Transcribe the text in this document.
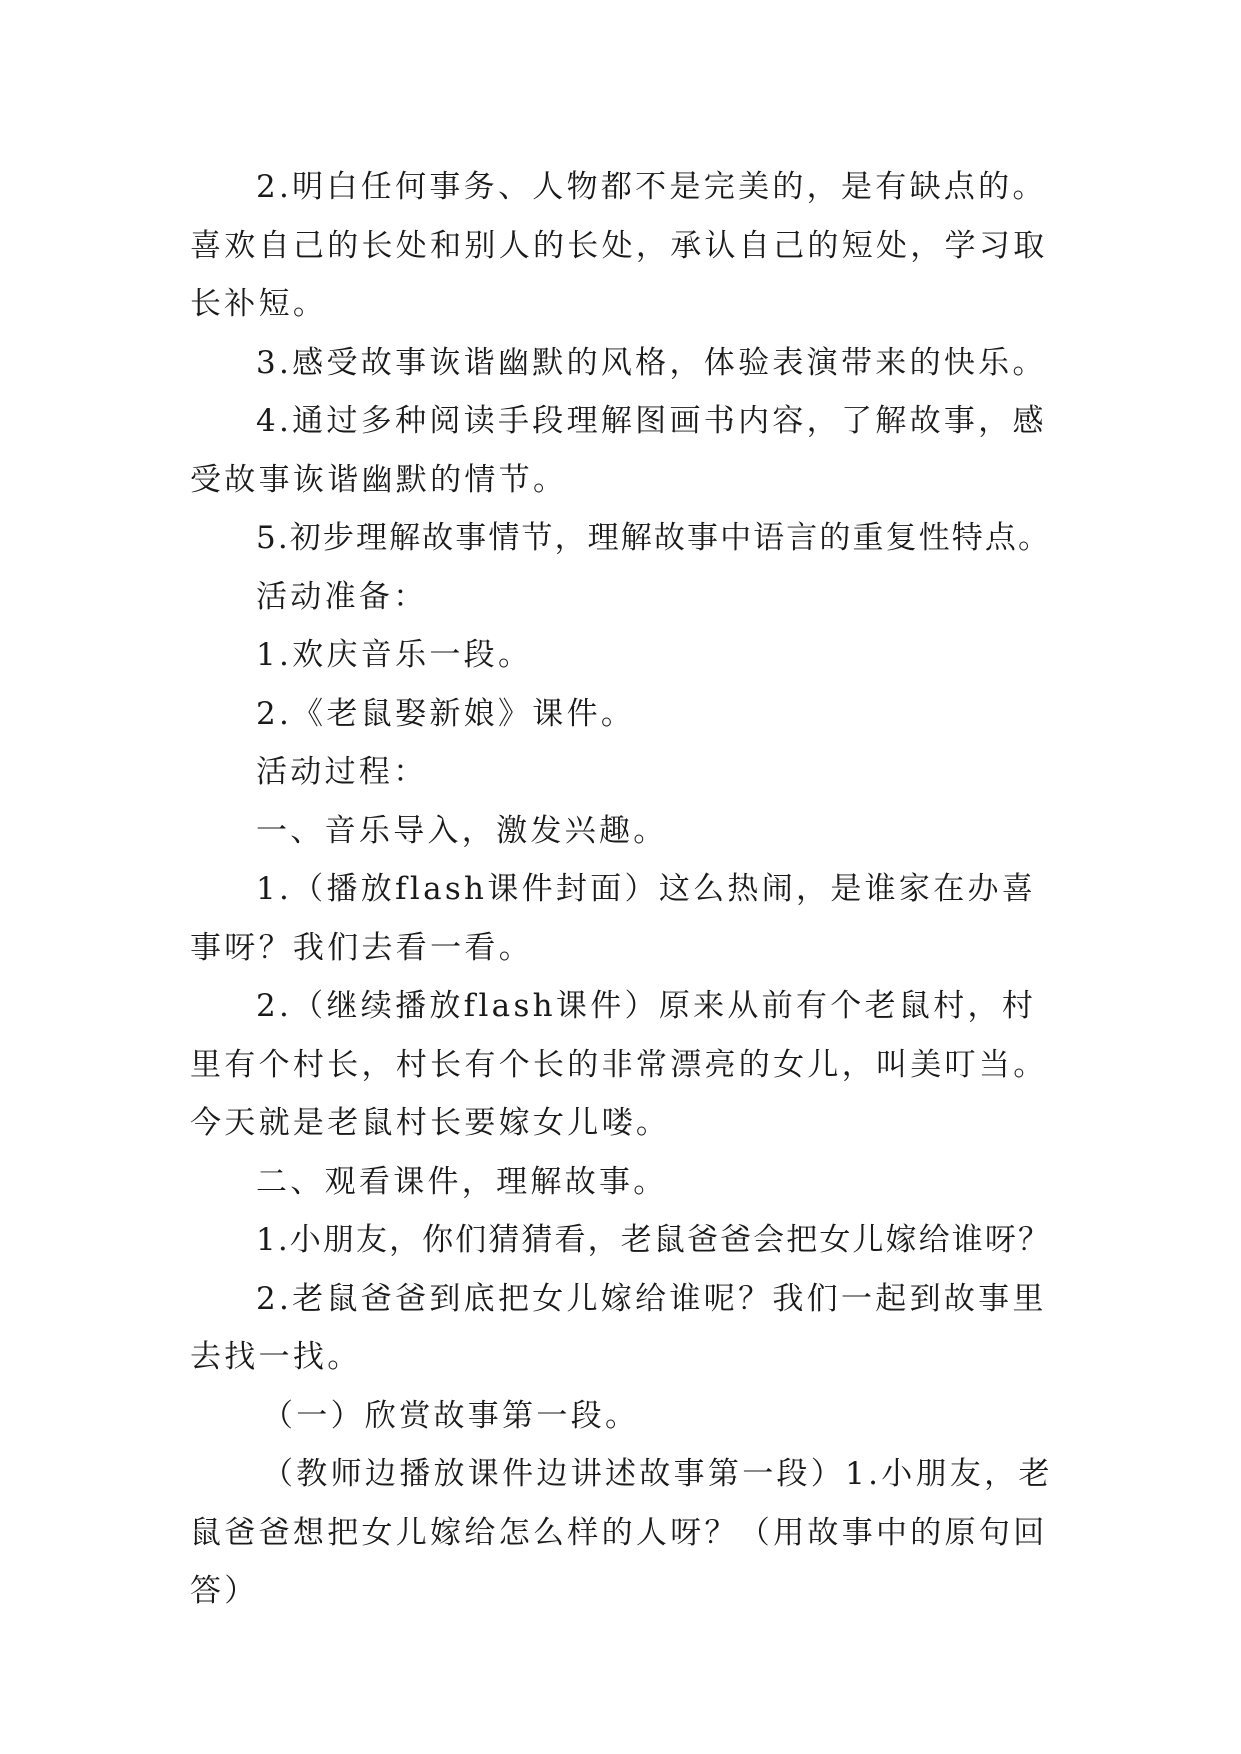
2.明白任何事务、人物都不是完美的，是有缺点的。喜欢自己的长处和别人的长处，承认自己的短处，学习取长补短。

3.感受故事诙谐幽默的风格，体验表演带来的快乐。

4.通过多种阅读手段理解图画书内容，了解故事，感受故事诙谐幽默的情节。

5.初步理解故事情节，理解故事中语言的重复性特点。

活动准备：

1.欢庆音乐一段。

2.《老鼠娶新娘》课件。

活动过程：

一、音乐导入，激发兴趣。

1.（播放flash课件封面）这么热闹，是谁家在办喜事呀？我们去看一看。

2.（继续播放flash课件）原来从前有个老鼠村，村里有个村长，村长有个长的非常漂亮的女儿，叫美叮当。今天就是老鼠村长要嫁女儿喽。

二、观看课件，理解故事。

1.小朋友，你们猜猜看，老鼠爸爸会把女儿嫁给谁呀？

2.老鼠爸爸到底把女儿嫁给谁呢？我们一起到故事里去找一找。

（一）欣赏故事第一段。

（教师边播放课件边讲述故事第一段）1.小朋友，老鼠爸爸想把女儿嫁给怎么样的人呀？（用故事中的原句回答）
